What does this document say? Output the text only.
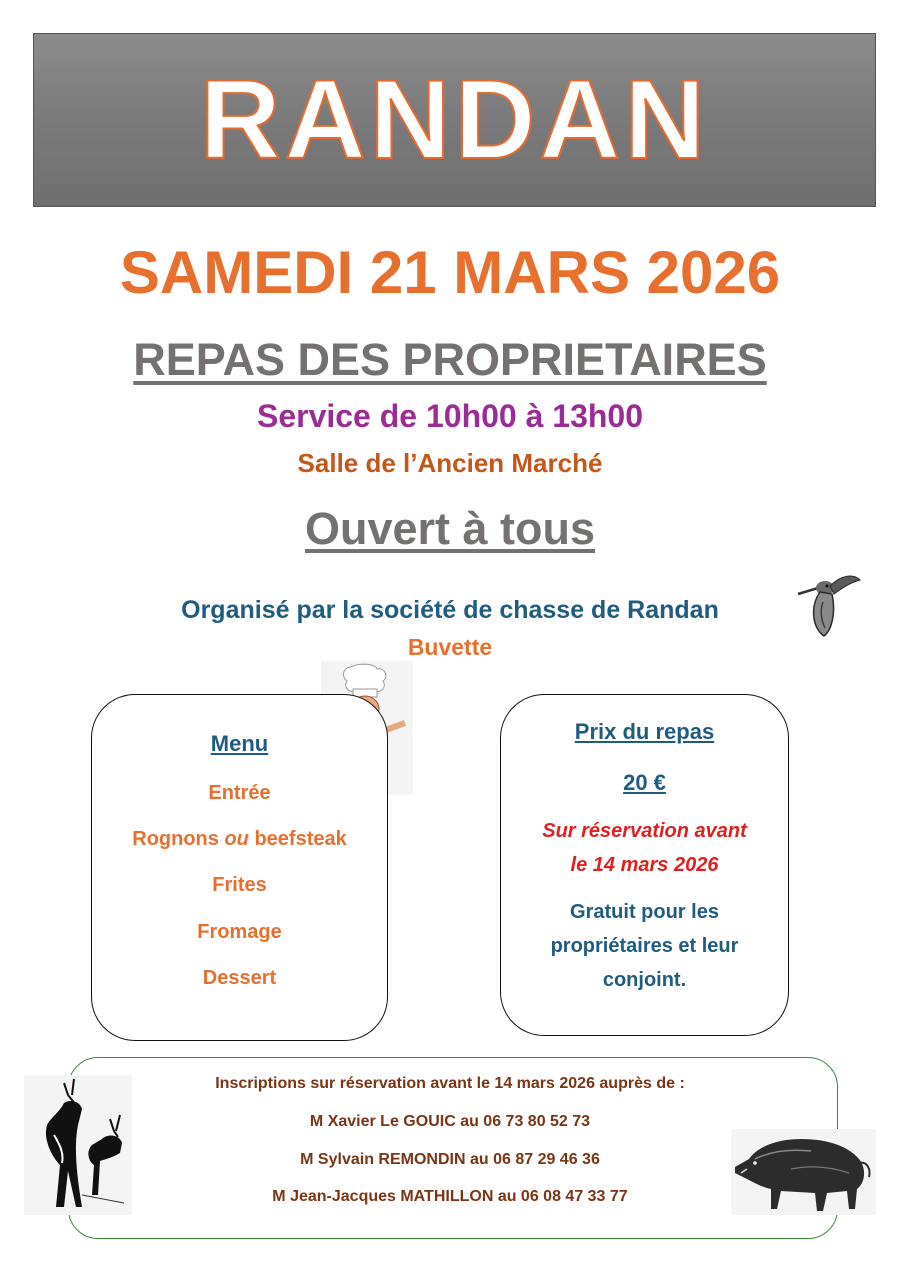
RANDAN
SAMEDI 21 MARS 2026
REPAS DES PROPRIETAIRES
Service de 10h00 à 13h00
Salle de l’Ancien Marché
Ouvert à tous
Organisé par la société de chasse de Randan
Buvette
Menu
Entrée
Rognons ou beefsteak
Frites
Fromage
Dessert
Prix du repas
20 €
Sur réservation avant
le 14 mars 2026
Gratuit pour les
propriétaires et leur
conjoint.
Inscriptions sur réservation avant le 14 mars 2026 auprès de :
M Xavier Le GOUIC au 06 73 80 52 73
M Sylvain REMONDIN au 06 87 29 46 36
M Jean-Jacques MATHILLON au 06 08 47 33 77
